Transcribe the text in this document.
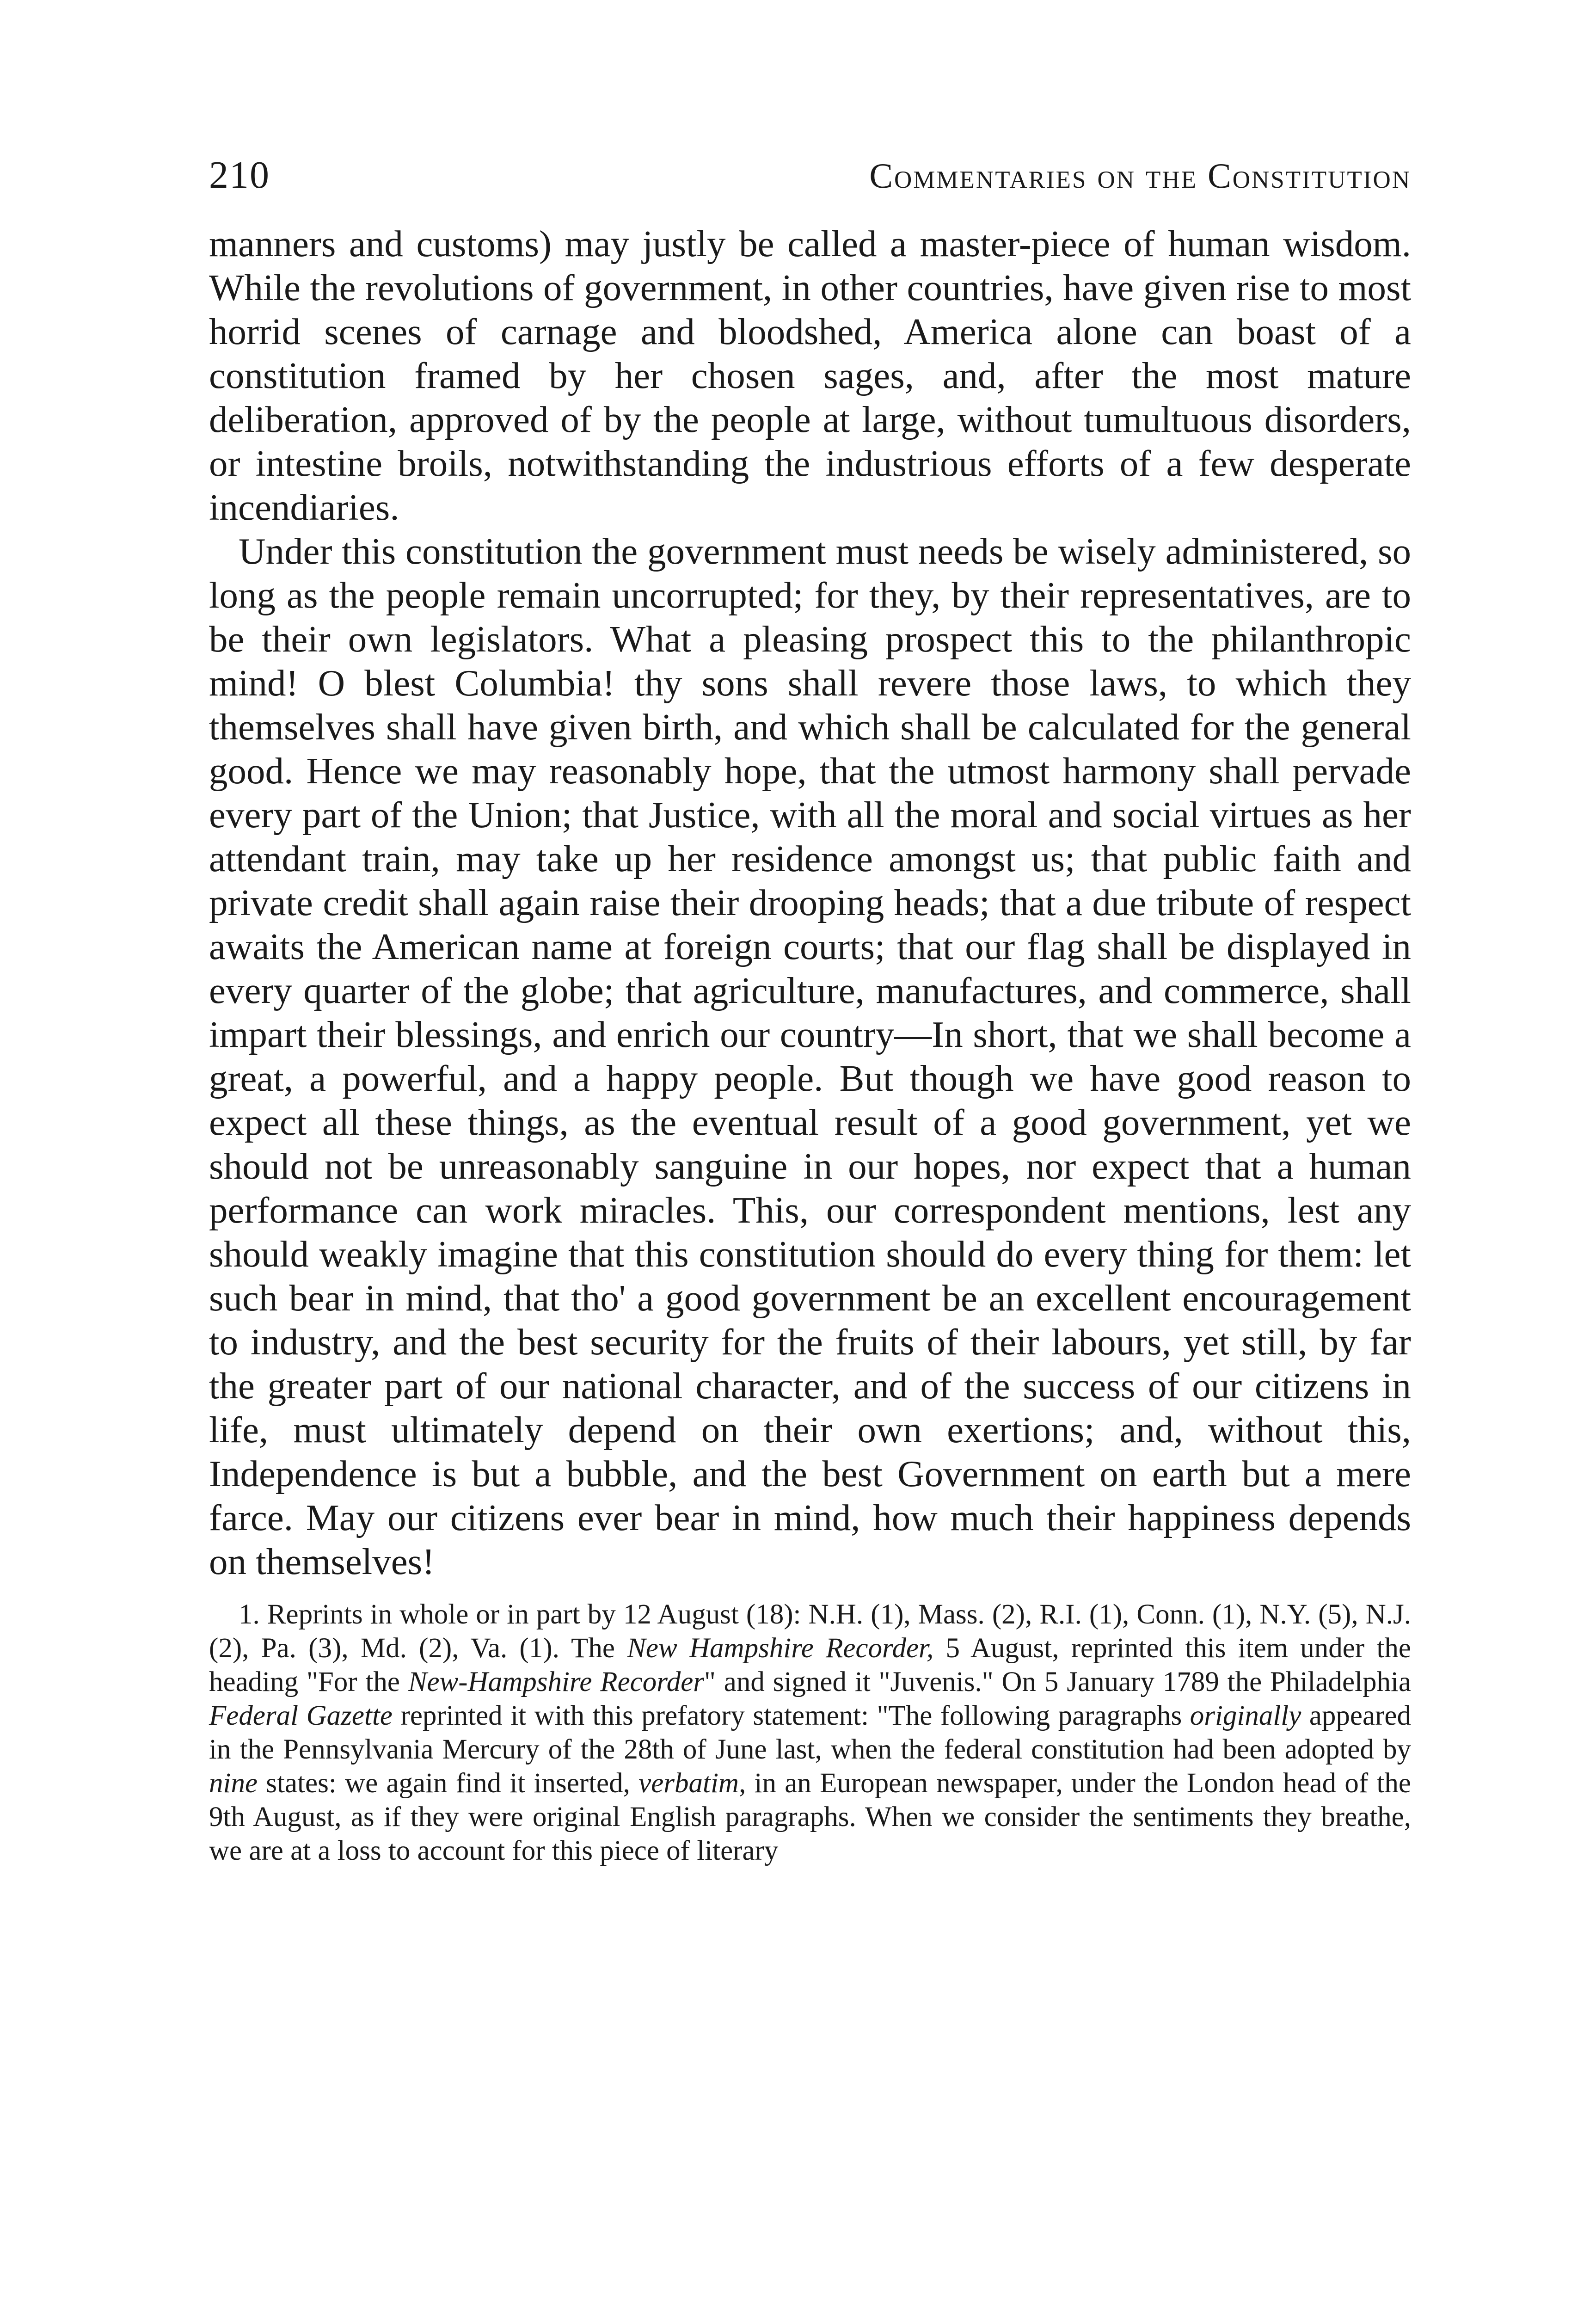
210	Commentaries on the Constitution

manners and customs) may justly be called a master-piece of human wisdom. While the revolutions of government, in other countries, have given rise to most horrid scenes of carnage and bloodshed, America alone can boast of a constitution framed by her chosen sages, and, after the most mature deliberation, approved of by the people at large, without tumultuous disorders, or intestine broils, notwithstanding the industrious efforts of a few desperate incendiaries.

Under this constitution the government must needs be wisely administered, so long as the people remain uncorrupted; for they, by their representatives, are to be their own legislators. What a pleasing prospect this to the philanthropic mind! O blest Columbia! thy sons shall revere those laws, to which they themselves shall have given birth, and which shall be calculated for the general good. Hence we may reasonably hope, that the utmost harmony shall pervade every part of the Union; that Justice, with all the moral and social virtues as her attendant train, may take up her residence amongst us; that public faith and private credit shall again raise their drooping heads; that a due tribute of respect awaits the American name at foreign courts; that our flag shall be displayed in every quarter of the globe; that agriculture, manufactures, and commerce, shall impart their blessings, and enrich our country—In short, that we shall become a great, a powerful, and a happy people. But though we have good reason to expect all these things, as the eventual result of a good government, yet we should not be unreasonably sanguine in our hopes, nor expect that a human performance can work miracles. This, our correspondent mentions, lest any should weakly imagine that this constitution should do every thing for them: let such bear in mind, that tho' a good government be an excellent encouragement to industry, and the best security for the fruits of their labours, yet still, by far the greater part of our national character, and of the success of our citizens in life, must ultimately depend on their own exertions; and, without this, Independence is but a bubble, and the best Government on earth but a mere farce. May our citizens ever bear in mind, how much their happiness depends on themselves!

1. Reprints in whole or in part by 12 August (18): N.H. (1), Mass. (2), R.I. (1), Conn. (1), N.Y. (5), N.J. (2), Pa. (3), Md. (2), Va. (1). The New Hampshire Recorder, 5 August, reprinted this item under the heading "For the New-Hampshire Recorder" and signed it "Juvenis." On 5 January 1789 the Philadelphia Federal Gazette reprinted it with this prefatory statement: "The following paragraphs originally appeared in the Pennsylvania Mercury of the 28th of June last, when the federal constitution had been adopted by nine states: we again find it inserted, verbatim, in an European newspaper, under the London head of the 9th August, as if they were original English paragraphs. When we consider the sentiments they breathe, we are at a loss to account for this piece of literary
